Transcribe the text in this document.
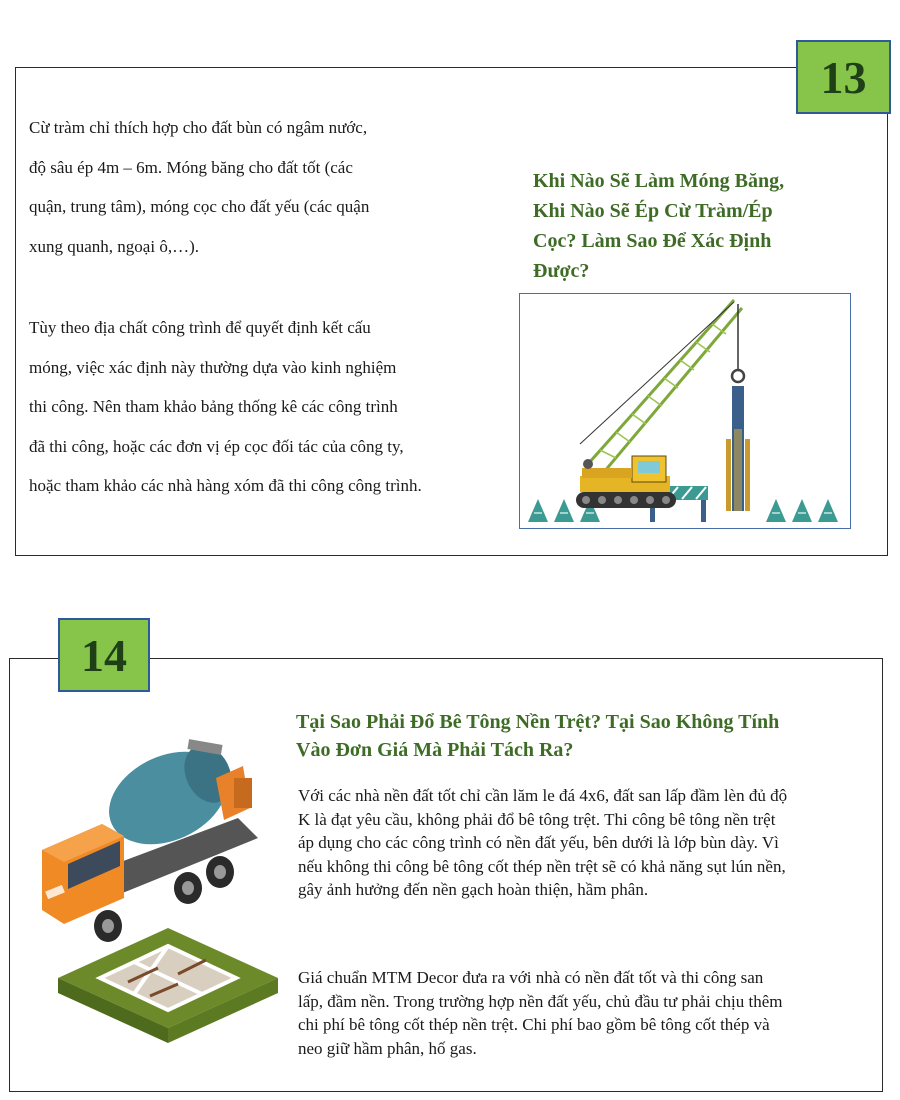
13

Cừ tràm chỉ thích hợp cho đất bùn có ngâm nước,

độ sâu ép 4m – 6m. Móng băng cho đất tốt (các

quận, trung tâm), móng cọc cho đất yếu (các quận

xung quanh, ngoại ô,…).

Tùy theo địa chất công trình để quyết định kết cấu

móng, việc xác định này thường dựa vào kinh nghiệm

thi công. Nên tham khảo bảng thống kê các công trình

đã thi công, hoặc các đơn vị ép cọc đối tác của công ty,

hoặc tham khảo các nhà hàng xóm đã thi công công trình.

Khi Nào Sẽ Làm Móng Băng,
Khi Nào Sẽ Ép Cừ Tràm/Ép
Cọc? Làm Sao Để Xác Định
Được?
14
Tại Sao Phải Đổ Bê Tông Nền Trệt? Tại Sao Không Tính
Vào Đơn Giá Mà Phải Tách Ra?

Với các nhà nền đất tốt chỉ cần lăm le đá 4x6, đất san lấp đầm lèn đủ độ

K là đạt yêu cầu, không phải đổ bê tông trệt. Thi công bê tông nền trệt

áp dụng cho các công trình có nền đất yếu, bên dưới là lớp bùn dày. Vì

nếu không thi công bê tông cốt thép nền trệt sẽ có khả năng sụt lún nền,

gây ảnh hưởng đến nền gạch hoàn thiện, hầm phân.

Giá chuẩn MTM Decor đưa ra với nhà có nền đất tốt và thi công san

lấp, đầm nền. Trong trường hợp nền đất yếu, chủ đầu tư phải chịu thêm

chi phí bê tông cốt thép nền trệt. Chi phí bao gồm bê tông cốt thép và

neo giữ hầm phân, hố gas.
